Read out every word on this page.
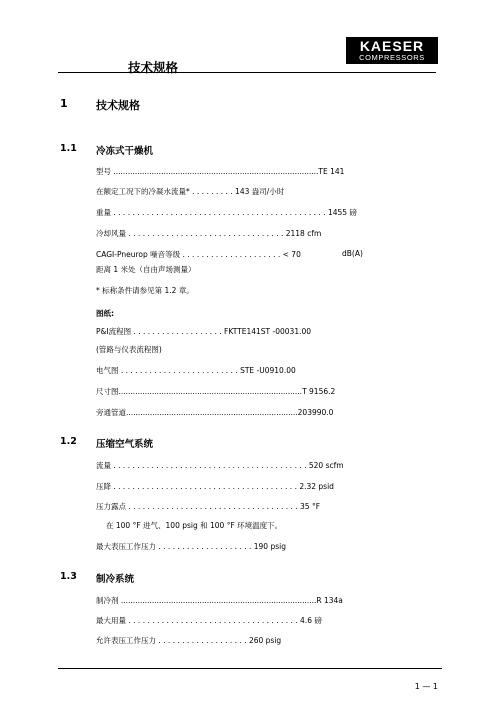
KAESER
COMPRESSORS
技术规格
1	技术规格
1.1 冷冻式干燥机
型号 ......................................................................................TE 141
在额定工况下的冷凝水流量* . . . . . . . . . 143 盎司/小时
重量 . . . . . . . . . . . . . . . . . . . . . . . . . . . . . . . . . . . . . . . . . . . . . 1455 磅
冷却风量 . . . . . . . . . . . . . . . . . . . . . . . . . . . . . . . . . 2118 cfm
CAGI-Pneurop 噪音等级 . . . . . . . . . . . . . . . . . . . . . < 70	dB(A)
距离 1 米处（自由声场测量）
* 标称条件请参见第 1.2 章。
图纸:
P&I流程图 . . . . . . . . . . . . . . . . . . . FKTTE141ST -00031.00
(管路与仪表流程图)
电气图 . . . . . . . . . . . . . . . . . . . . . . . . . STE -U0910.00
尺寸图.............................................................................T 9156.2
旁通管道........................................................................203990.0
1.2 压缩空气系统
流量 . . . . . . . . . . . . . . . . . . . . . . . . . . . . . . . . . . . . . . . . . 520 scfm
压降 . . . . . . . . . . . . . . . . . . . . . . . . . . . . . . . . . . . . . . . 2.32 psid
压力露点 . . . . . . . . . . . . . . . . . . . . . . . . . . . . . . . . . . . . 35 °F
在 100 °F 进气、100 psig 和 100 °F 环境温度下。
最大表压工作压力 . . . . . . . . . . . . . . . . . . . . 190 psig
1.3 制冷系统
制冷剂 ..................................................................................R 134a
最大用量 . . . . . . . . . . . . . . . . . . . . . . . . . . . . . . . . . . . . 4.6 磅
允许表压工作压力 . . . . . . . . . . . . . . . . . . . 260 psig
1 — 1
